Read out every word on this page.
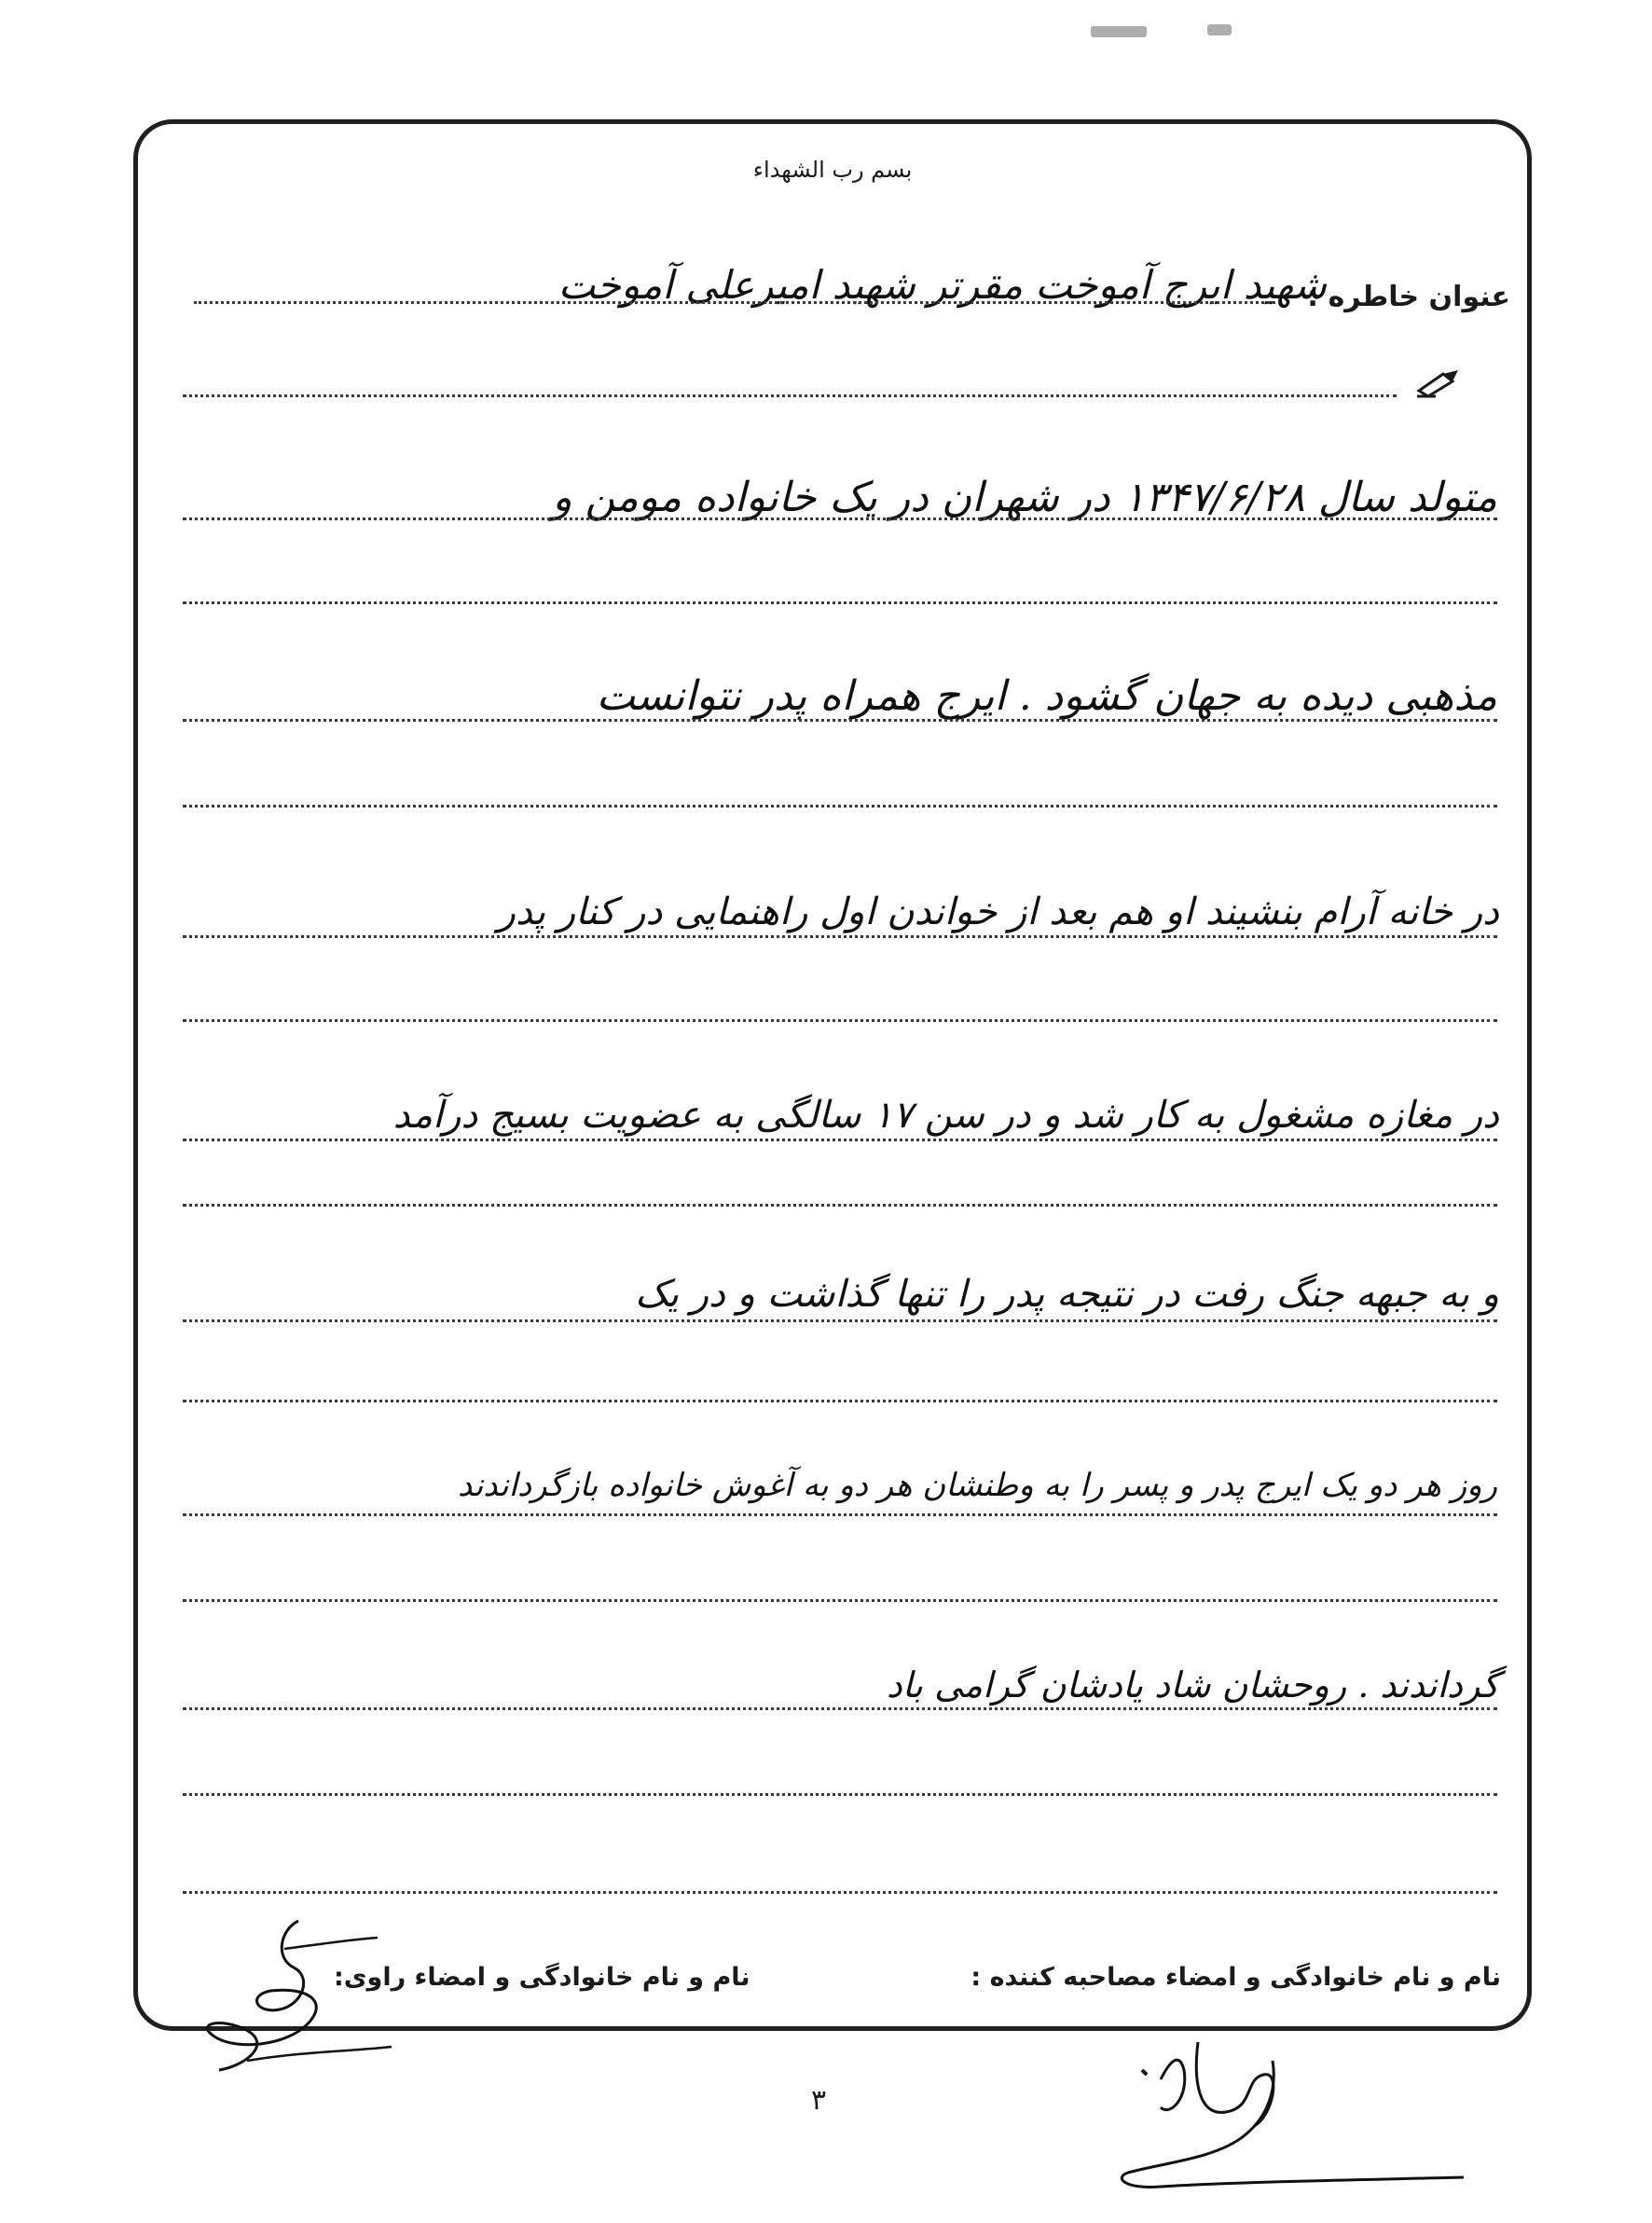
بسم رب الشهداء
عنوان خاطره :
شهید ایرج آموخت مقرتر شهید امیرعلی آموخت
متولد سال ۱۳۴۷/۶/۲۸ در شهران در یک خانواده مومن و
مذهبی دیده به جهان گشود . ایرج همراه پدر نتوانست
در خانه آرام بنشیند او هم بعد از خواندن اول راهنمایی در کنار پدر
در مغازه مشغول به کار شد و در سن ۱۷ سالگی به عضویت بسیج درآمد
و به جبهه جنگ رفت در نتیجه پدر را تنها گذاشت و در یک
روز هر دو یک ایرج پدر و پسر را به وطنشان هر دو به آغوش خانواده بازگرداندند
گرداندند . روحشان شاد یادشان گرامی باد
نام و نام خانوادگی و امضاء مصاحبه کننده :
نام و نام خانوادگی و امضاء راوی:
۳
